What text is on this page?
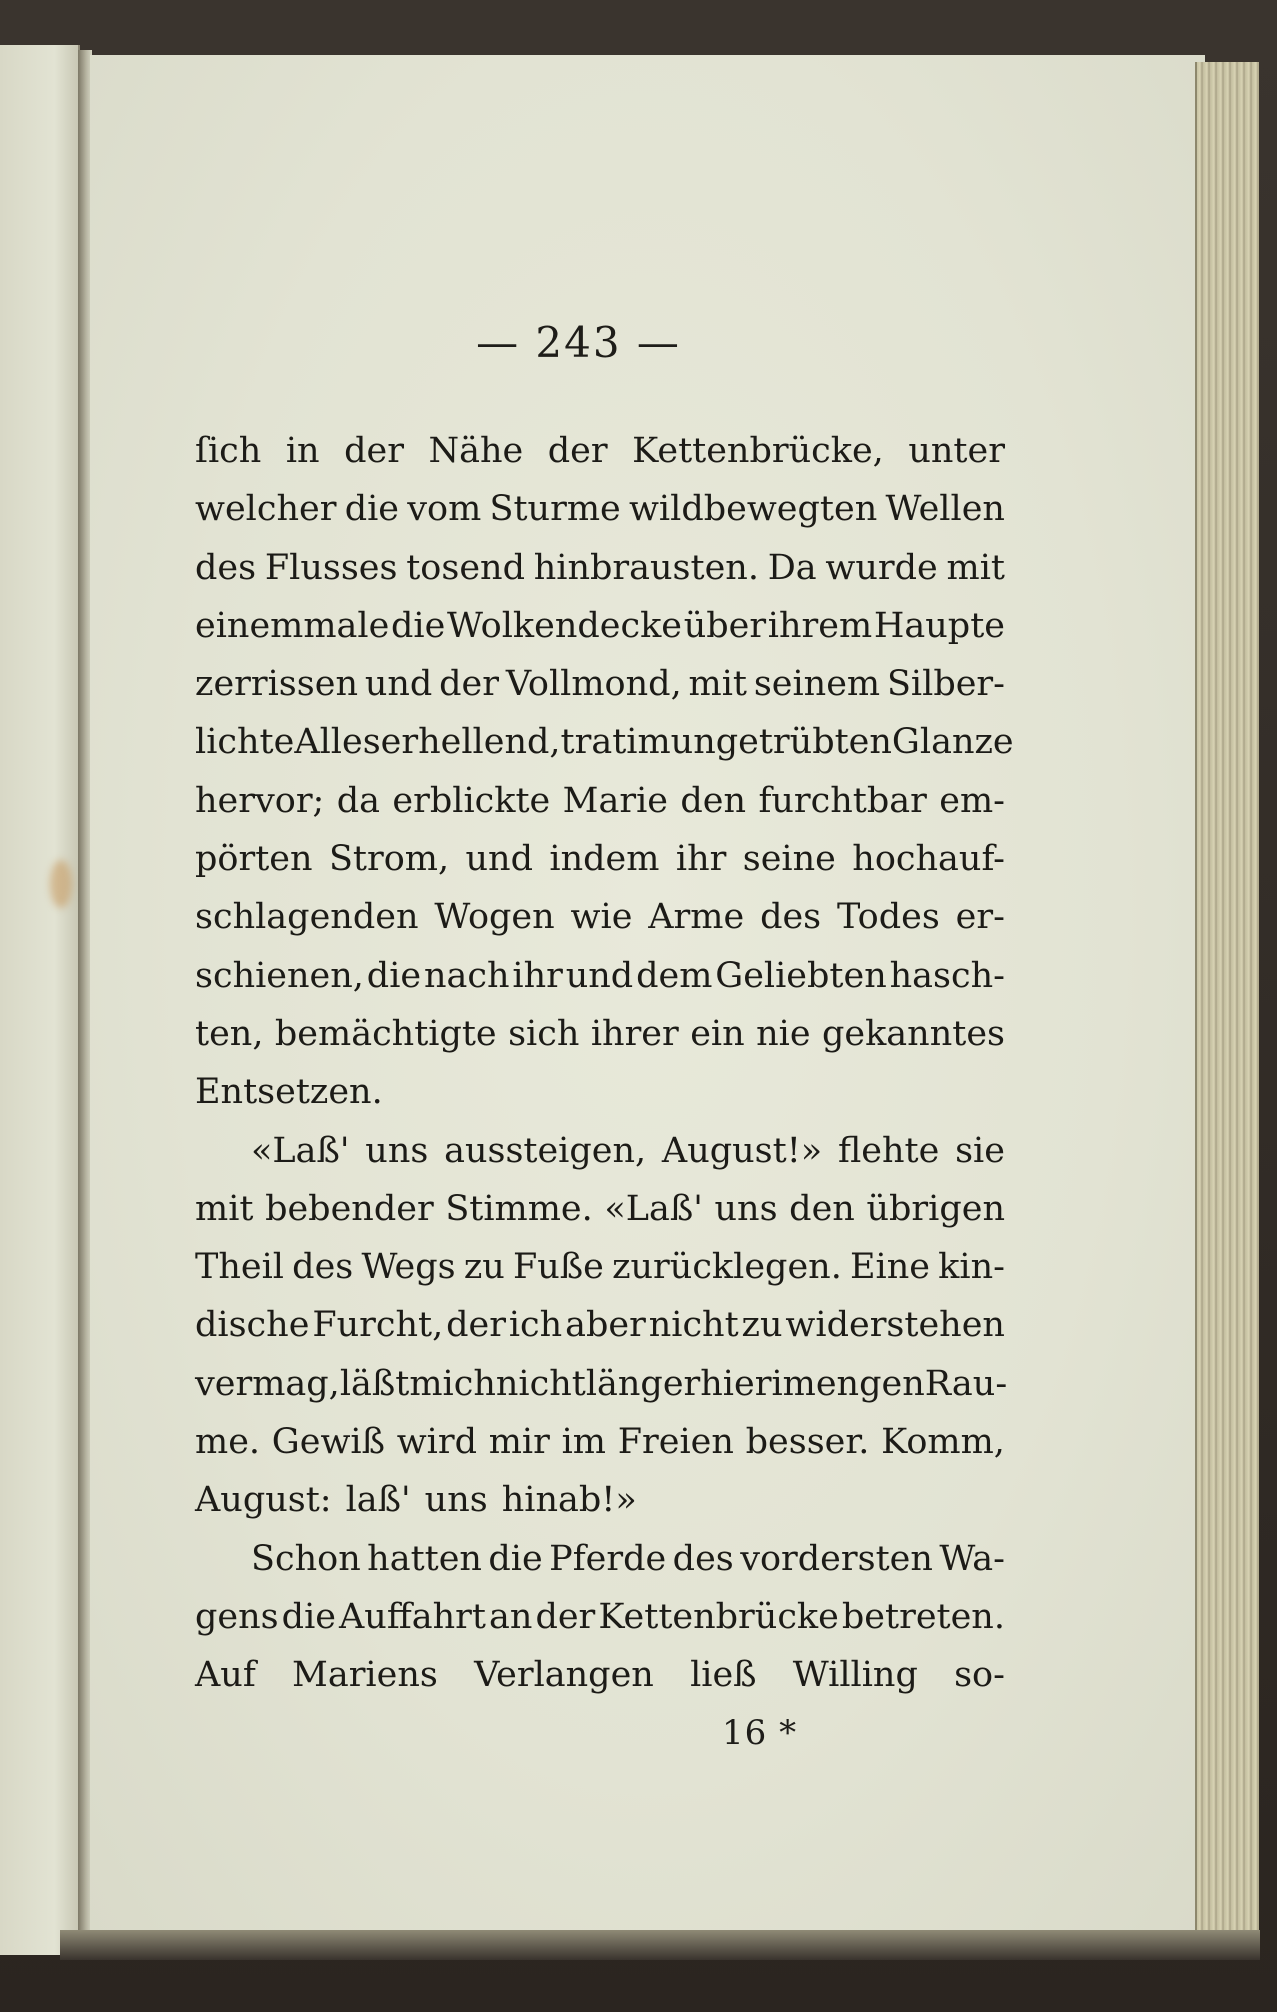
— 243 —
ſich in der Nähe der Kettenbrücke, unter
welcher die vom Sturme wildbewegten Wellen
des Flusses tosend hinbrausten. Da wurde mit
einemmale die Wolkendecke über ihrem Haupte
zerrissen und der Vollmond, mit seinem Silber-
lichte Alles erhellend, trat im ungetrübten Glanze
hervor; da erblickte Marie den furchtbar em-
pörten Strom, und indem ihr seine hochauf-
schlagenden Wogen wie Arme des Todes er-
schienen, die nach ihr und dem Geliebten hasch-
ten, bemächtigte sich ihrer ein nie gekanntes
Entsetzen.
«Laß' uns aussteigen, August!» flehte sie
mit bebender Stimme. «Laß' uns den übrigen
Theil des Wegs zu Fuße zurücklegen. Eine kin-
dische Furcht, der ich aber nicht zu widerstehen
vermag, läßt mich nicht länger hier im engen Rau-
me. Gewiß wird mir im Freien besser. Komm,
August: laß' uns hinab!»
Schon hatten die Pferde des vordersten Wa-
gens die Auffahrt an der Kettenbrücke betreten.
Auf Mariens Verlangen ließ Willing so-
16 *
